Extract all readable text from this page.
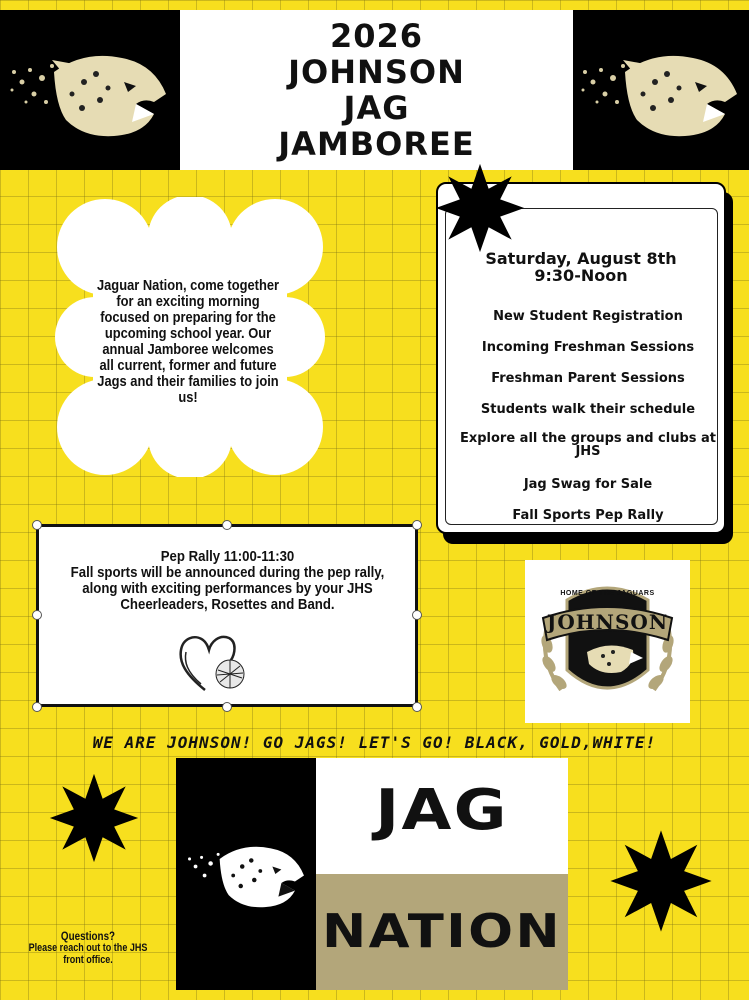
2026
JOHNSON
JAG
JAMBOREE
Jaguar Nation, come together for an exciting morning focused on preparing for the upcoming school year. Our annual Jamboree welcomes all current, former and future Jags and their families to join us!
Saturday, August 8th
9:30-Noon
New Student Registration
Incoming Freshman Sessions
Freshman Parent Sessions
Students walk their schedule
Explore all the groups and clubs at JHS
Jag Swag for Sale
Fall Sports Pep Rally
Pep Rally 11:00-11:30
Fall sports will be announced during the pep rally, along with exciting performances by your JHS Cheerleaders, Rosettes and Band.
HOME OF THE JAGUARS
JOHNSON
WE ARE JOHNSON! GO JAGS! LET'S GO! BLACK, GOLD,WHITE!
JAG
NATION
Questions?
Please reach out to the JHS front office.
